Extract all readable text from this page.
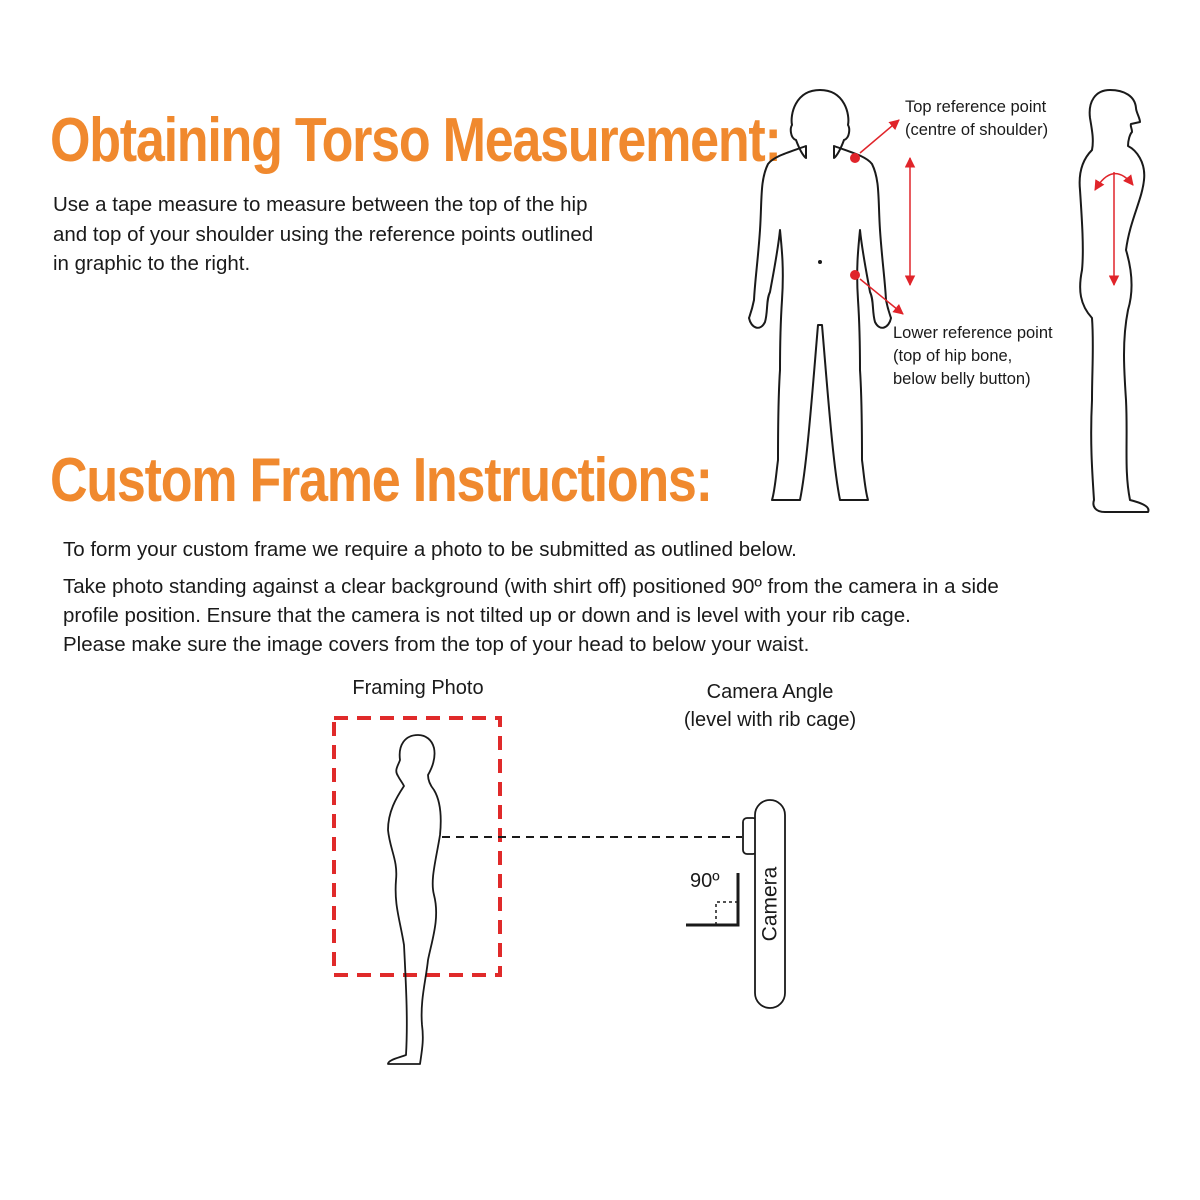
Obtaining Torso Measurement:
Use a tape measure to measure between the top of the hip
and top of your shoulder using the reference points outlined
in graphic to the right.
Custom Frame Instructions:

To form your custom frame we require a photo to be submitted as outlined below.

Take photo standing against a clear background (with shirt off) positioned 90º from the camera in a side
profile position. Ensure that the camera is not tilted up or down and is level with your rib cage.
Please make sure the image covers from the top of your head to below your waist.
Top reference point
(centre of shoulder)
Lower reference point
(top of hip bone,
below belly button)
Framing Photo	Camera Angle
(level with rib cage)
90º Camera
